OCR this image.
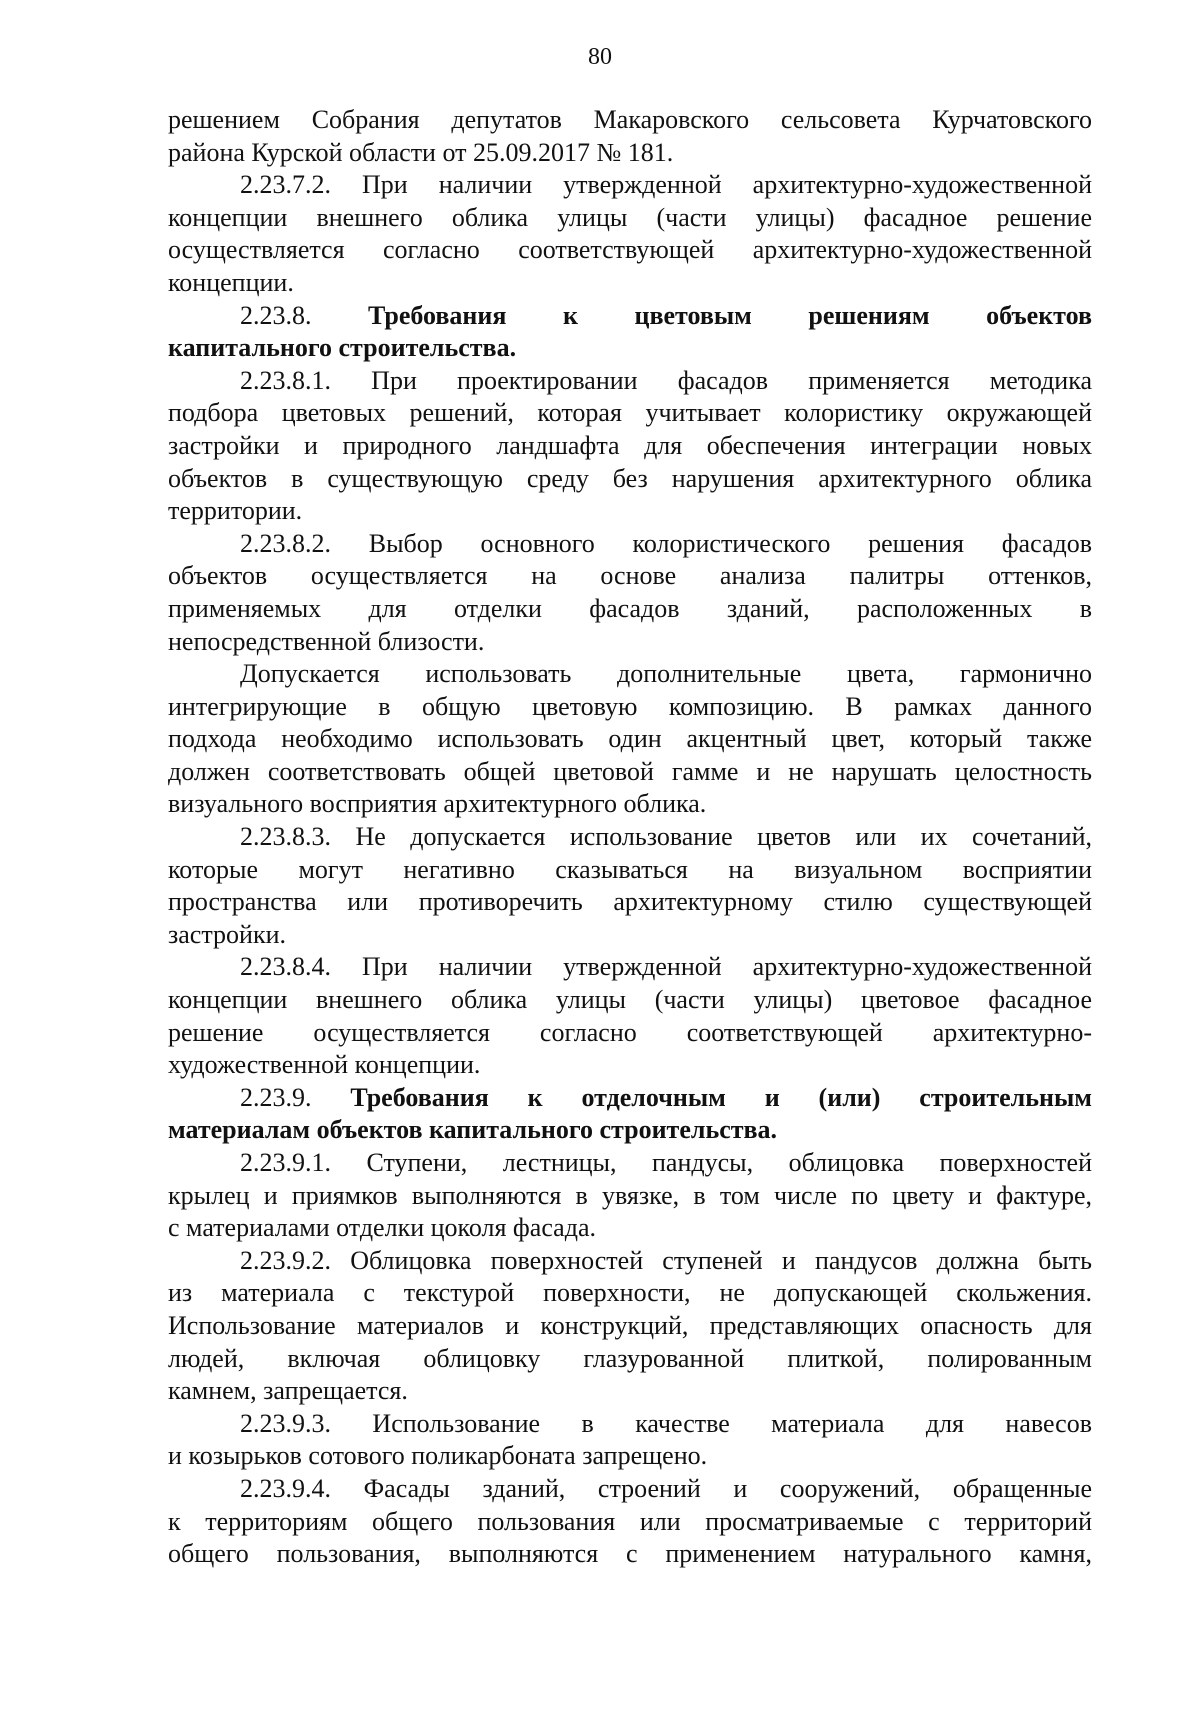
80
решением Собрания депутатов Макаровского сельсовета Курчатовского
района Курской области от 25.09.2017 № 181.
2.23.7.2. При наличии утвержденной архитектурно-художественной
концепции внешнего облика улицы (части улицы) фасадное решение
осуществляется согласно соответствующей архитектурно-художественной
концепции.
2.23.8. Требования к цветовым решениям объектов
капитального строительства.
2.23.8.1. При проектировании фасадов применяется методика
подбора цветовых решений, которая учитывает колористику окружающей
застройки и природного ландшафта для обеспечения интеграции новых
объектов в существующую среду без нарушения архитектурного облика
территории.
2.23.8.2. Выбор основного колористического решения фасадов
объектов осуществляется на основе анализа палитры оттенков,
применяемых для отделки фасадов зданий, расположенных в
непосредственной близости.
Допускается использовать дополнительные цвета, гармонично
интегрирующие в общую цветовую композицию. В рамках данного
подхода необходимо использовать один акцентный цвет, который также
должен соответствовать общей цветовой гамме и не нарушать целостность
визуального восприятия архитектурного облика.
2.23.8.3. Не допускается использование цветов или их сочетаний,
которые могут негативно сказываться на визуальном восприятии
пространства или противоречить архитектурному стилю существующей
застройки.
2.23.8.4. При наличии утвержденной архитектурно-художественной
концепции внешнего облика улицы (части улицы) цветовое фасадное
решение осуществляется согласно соответствующей архитектурно-
художественной концепции.
2.23.9. Требования к отделочным и (или) строительным
материалам объектов капитального строительства.
2.23.9.1. Ступени, лестницы, пандусы, облицовка поверхностей
крылец и приямков выполняются в увязке, в том числе по цвету и фактуре,
с материалами отделки цоколя фасада.
2.23.9.2. Облицовка поверхностей ступеней и пандусов должна быть
из материала с текстурой поверхности, не допускающей скольжения.
Использование материалов и конструкций, представляющих опасность для
людей, включая облицовку глазурованной плиткой, полированным
камнем, запрещается.
2.23.9.3. Использование в качестве материала для навесов
и козырьков сотового поликарбоната запрещено.
2.23.9.4. Фасады зданий, строений и сооружений, обращенные
к территориям общего пользования или просматриваемые с территорий
общего пользования, выполняются с применением натурального камня,
